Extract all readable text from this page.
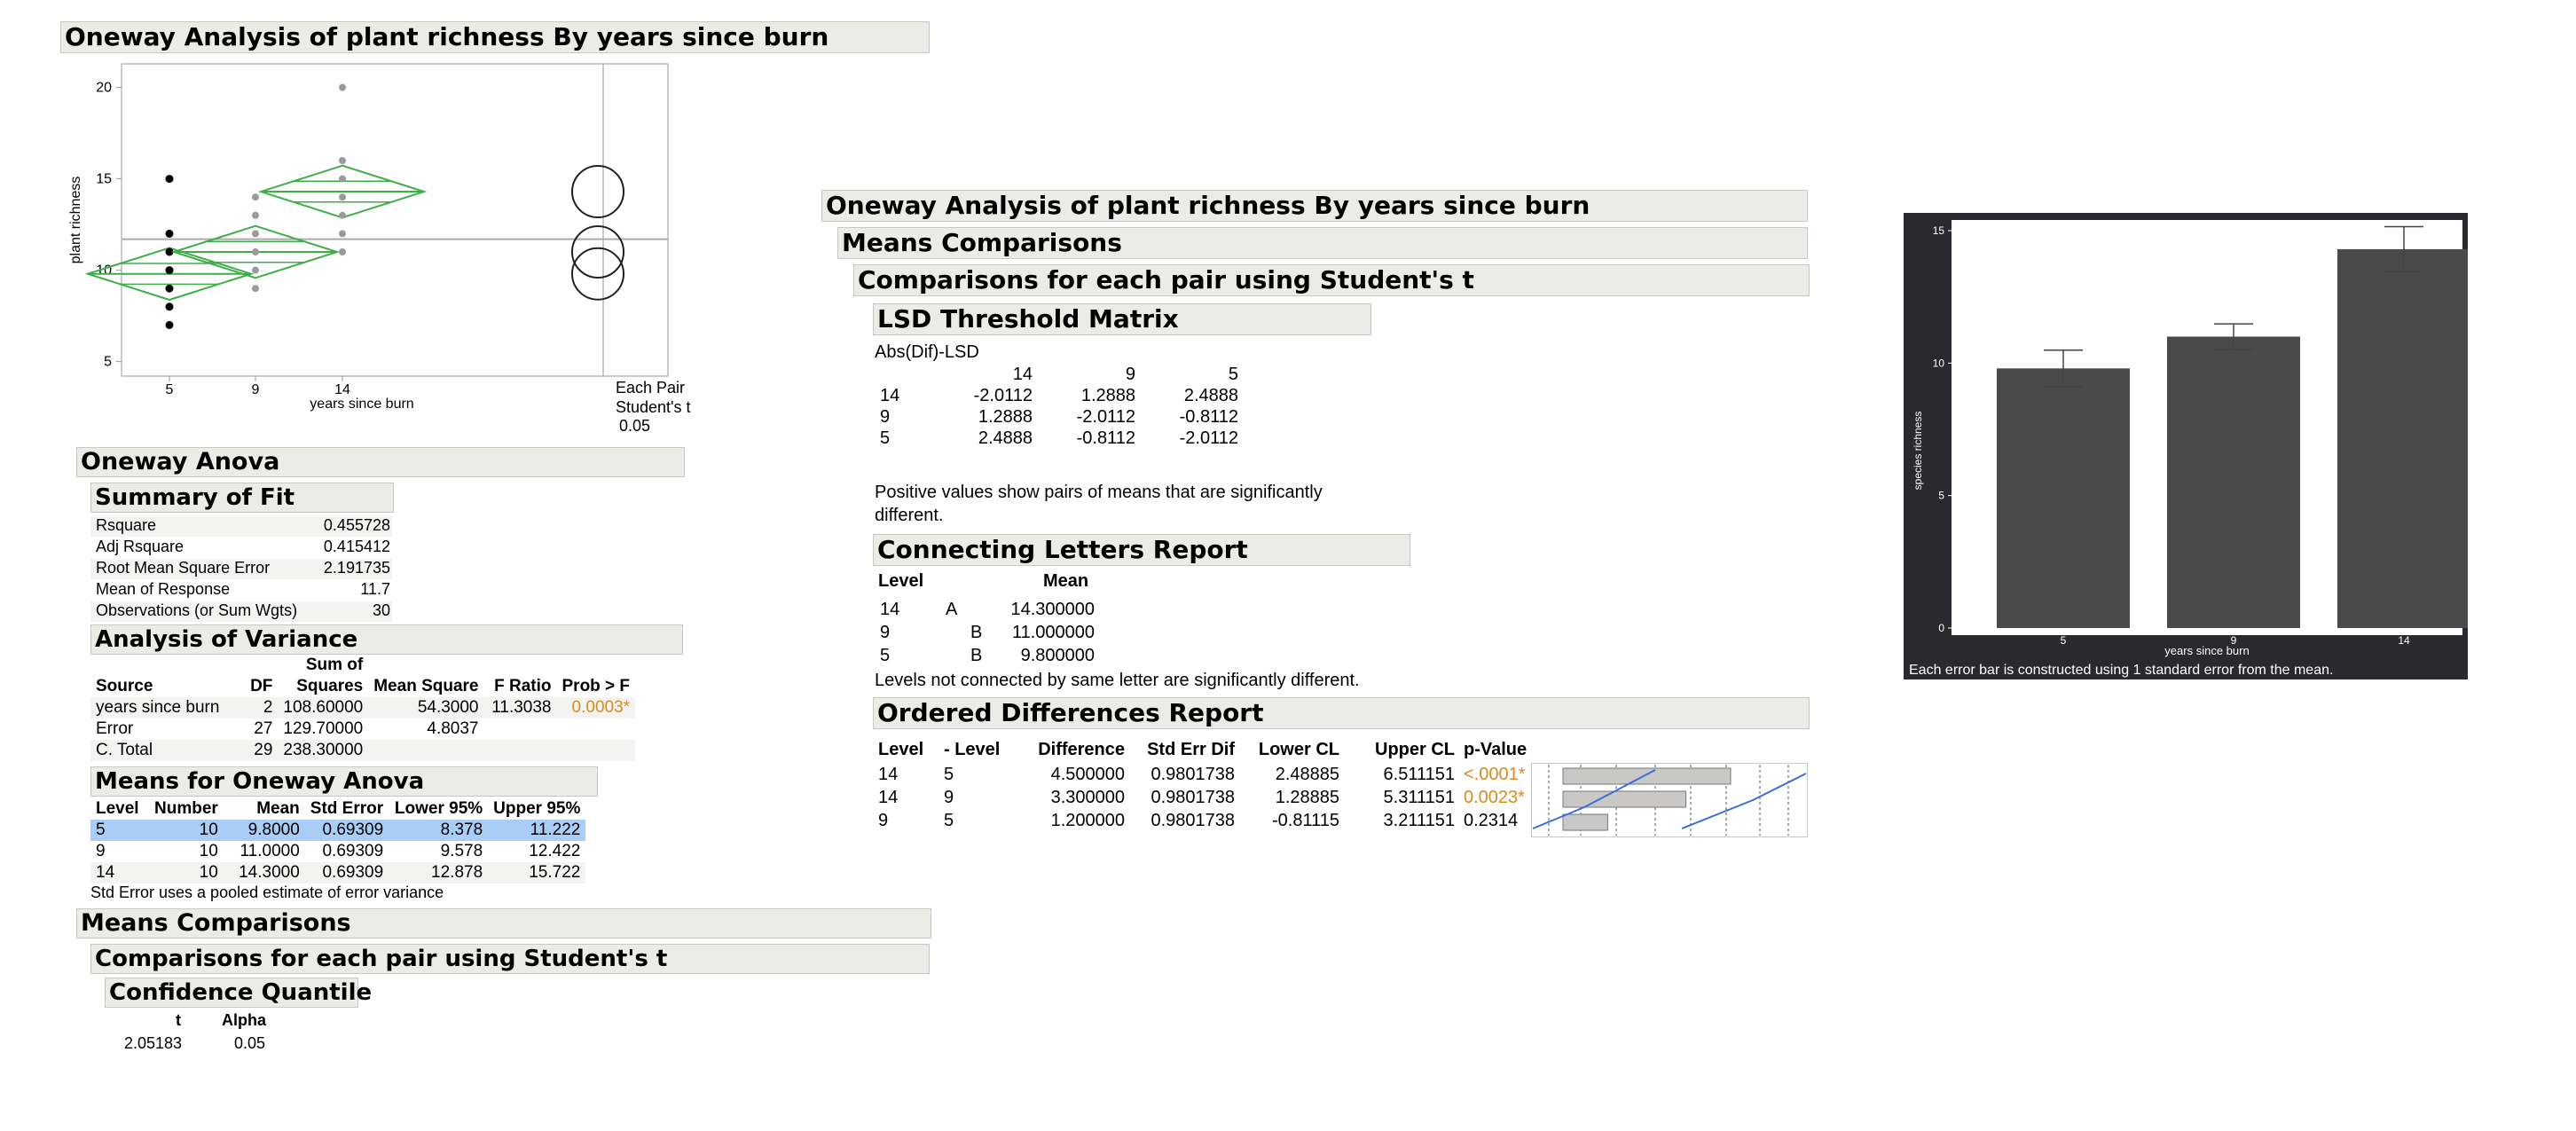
Oneway Analysis of plant richness By years since burn
plant richness
years since burn
Each Pair
Student's t
0.05
20
15
10
5
5	9	14
Oneway Anova
Summary of Fit
Rsquare	0.455728
Adj Rsquare	0.415412
Root Mean Square Error	2.191735
Mean of Response	11.7
Observations (or Sum Wgts)	30
Analysis of Variance
		Sum of			
Source	DF	Squares	Mean Square	F Ratio	Prob > F
years since burn	2	108.60000	54.3000	11.3038	0.0003*
Error	27	129.70000	4.8037		
C. Total	29	238.30000			
Means for Oneway Anova
Level	Number	Mean	Std Error	Lower 95%	Upper 95%
5	10	9.8000	0.69309	8.378	11.222
9	10	11.0000	0.69309	9.578	12.422
14	10	14.3000	0.69309	12.878	15.722
Std Error uses a pooled estimate of error variance
Means Comparisons
Comparisons for each pair using Student's t
Confidence Quantile
t	Alpha
2.05183	0.05
Oneway Analysis of plant richness By years since burn
Means Comparisons
Comparisons for each pair using Student's t
LSD Threshold Matrix
Abs(Dif)-LSD
	14	9	5
14	-2.0112	1.2888	2.4888
9	1.2888	-2.0112	-0.8112
5	2.4888	-0.8112	-2.0112
Positive values show pairs of means that are significantly
different.
Connecting Letters Report
Level	Mean
14	A	14.300000
9	B	11.000000
5	B	9.800000
Levels not connected by same letter are significantly different.
Ordered Differences Report
Level	- Level	Difference	Std Err Dif	Lower CL	Upper CL p-Value
14	5	4.500000	0.9801738	2.48885	6.511151 <.0001*
14	9	3.300000	0.9801738	1.28885	5.311151 0.0023*
9	5	1.200000	0.9801738	-0.81115	3.211151 0.2314
species richness
years since burn
Each error bar is constructed using 1 standard error from the mean.
15
10
5
0
5	9	14
